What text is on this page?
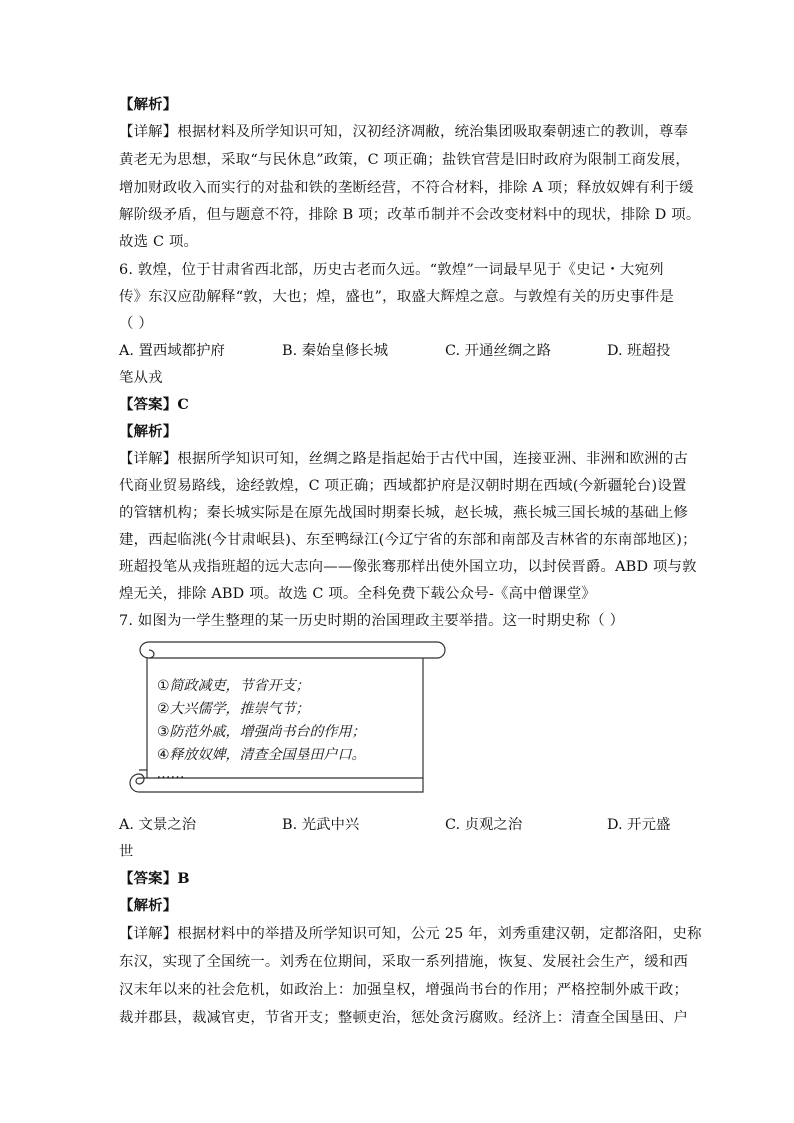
【解析】
【详解】根据材料及所学知识可知，汉初经济凋敝，统治集团吸取秦朝速亡的教训，尊奉
黄老无为思想，采取“与民休息”政策，C 项正确；盐铁官营是旧时政府为限制工商发展，
增加财政收入而实行的对盐和铁的垄断经营，不符合材料，排除 A 项；释放奴婢有利于缓
解阶级矛盾，但与题意不符，排除 B 项；改革币制并不会改变材料中的现状，排除 D 项。
故选 C 项。
6. 敦煌，位于甘肃省西北部，历史古老而久远。“敦煌”一词最早见于《史记・大宛列
传》东汉应劭解释“敦，大也；煌，盛也”，取盛大辉煌之意。与敦煌有关的历史事件是
（ ）
A. 置西域都护府	B. 秦始皇修长城	C. 开通丝绸之路	D. 班超投
笔从戎
【答案】C
【解析】
【详解】根据所学知识可知，丝绸之路是指起始于古代中国，连接亚洲、非洲和欧洲的古
代商业贸易路线，途经敦煌，C 项正确；西域都护府是汉朝时期在西域(今新疆轮台)设置
的管辖机构；秦长城实际是在原先战国时期秦长城，赵长城，燕长城三国长城的基础上修
建，西起临洮(今甘肃岷县)、东至鸭绿江(今辽宁省的东部和南部及吉林省的东南部地区)；
班超投笔从戎指班超的远大志向——像张骞那样出使外国立功，以封侯晋爵。ABD 项与敦
煌无关，排除 ABD 项。故选 C 项。全科免费下载公众号-《高中僧课堂》
7. 如图为一学生整理的某一历史时期的治国理政主要举措。这一时期史称（ ）
①简政减吏，节省开支；
②大兴儒学，推崇气节；
③防范外戚，增强尚书台的作用；
④释放奴婢，清查全国垦田户口。
……
A. 文景之治	B. 光武中兴	C. 贞观之治	D. 开元盛
世
【答案】B
【解析】
【详解】根据材料中的举措及所学知识可知，公元 25 年，刘秀重建汉朝，定都洛阳，史称
东汉，实现了全国统一。刘秀在位期间，采取一系列措施，恢复、发展社会生产，缓和西
汉末年以来的社会危机，如政治上：加强皇权，增强尚书台的作用；严格控制外戚干政；
裁并郡县，裁减官吏，节省开支；整顿吏治，惩处贪污腐败。经济上：清查全国垦田、户
